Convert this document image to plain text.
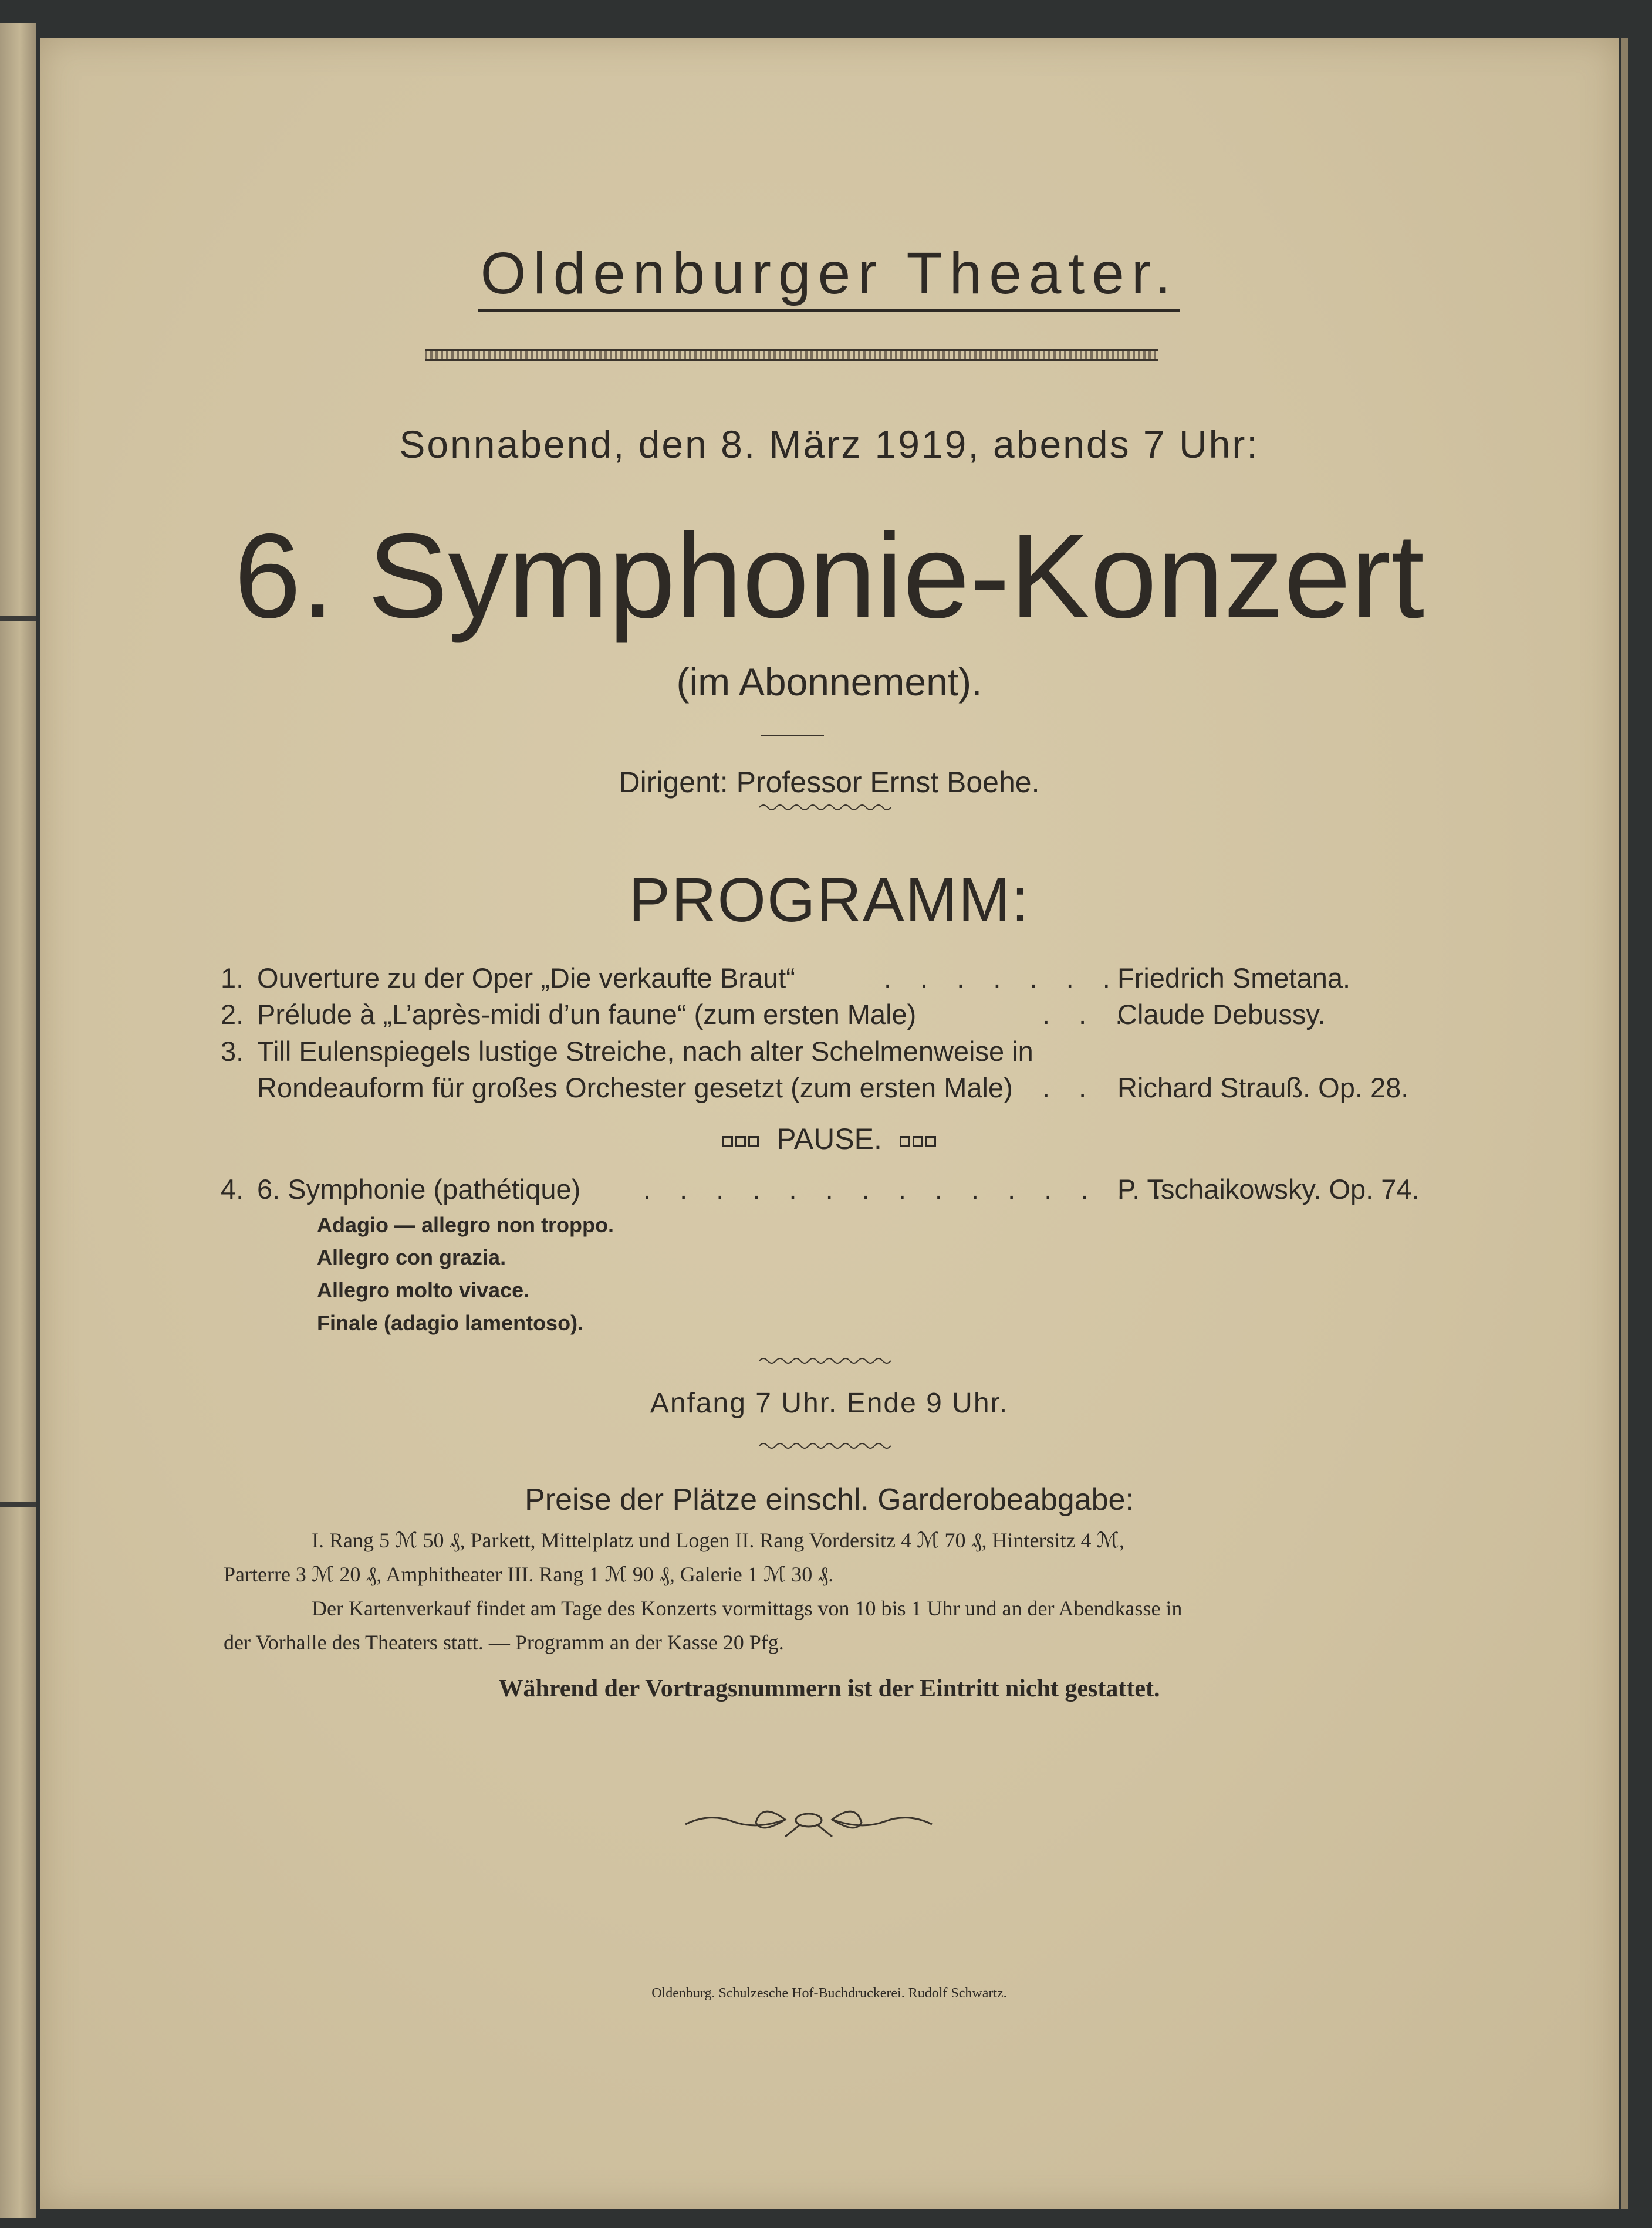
Oldenburger Theater.
Sonnabend, den 8. März 1919, abends 7 Uhr:
6. Symphonie-Konzert
(im Abonnement).
Dirigent: Professor Ernst Boehe.
PROGRAMM:
1. Ouverture zu der Oper „Die verkaufte Braut“	. . . . . . .
Friedrich Smetana.
2. Prélude à „L’après-midi d’un faune“ (zum ersten Male)	. . .
Claude Debussy.
3. Till Eulenspiegels lustige Streiche, nach alter Schelmenweise in
Rondeauform für großes Orchester gesetzt (zum ersten Male) . . Richard Strauß. Op. 28.
PAUSE.
4. 6. Symphonie (pathétique) . . . . . . . . . . . . . . .
P. Tschaikowsky. Op. 74.
Adagio — allegro non troppo.
Allegro con grazia.
Allegro molto vivace.
Finale (adagio lamentoso).
Anfang 7 Uhr. Ende 9 Uhr.
Preise der Plätze einschl. Garderobeabgabe:
I. Rang 5 ℳ 50 ₰, Parkett, Mittelplatz und Logen II. Rang Vordersitz 4 ℳ 70 ₰, Hintersitz 4 ℳ,
Parterre 3 ℳ 20 ₰, Amphitheater III. Rang 1 ℳ 90 ₰, Galerie 1 ℳ 30 ₰.
Der Kartenverkauf findet am Tage des Konzerts vormittags von 10 bis 1 Uhr und an der Abendkasse in
der Vorhalle des Theaters statt. — Programm an der Kasse 20 Pfg.
Während der Vortragsnummern ist der Eintritt nicht gestattet.
Oldenburg. Schulzesche Hof-Buchdruckerei. Rudolf Schwartz.
